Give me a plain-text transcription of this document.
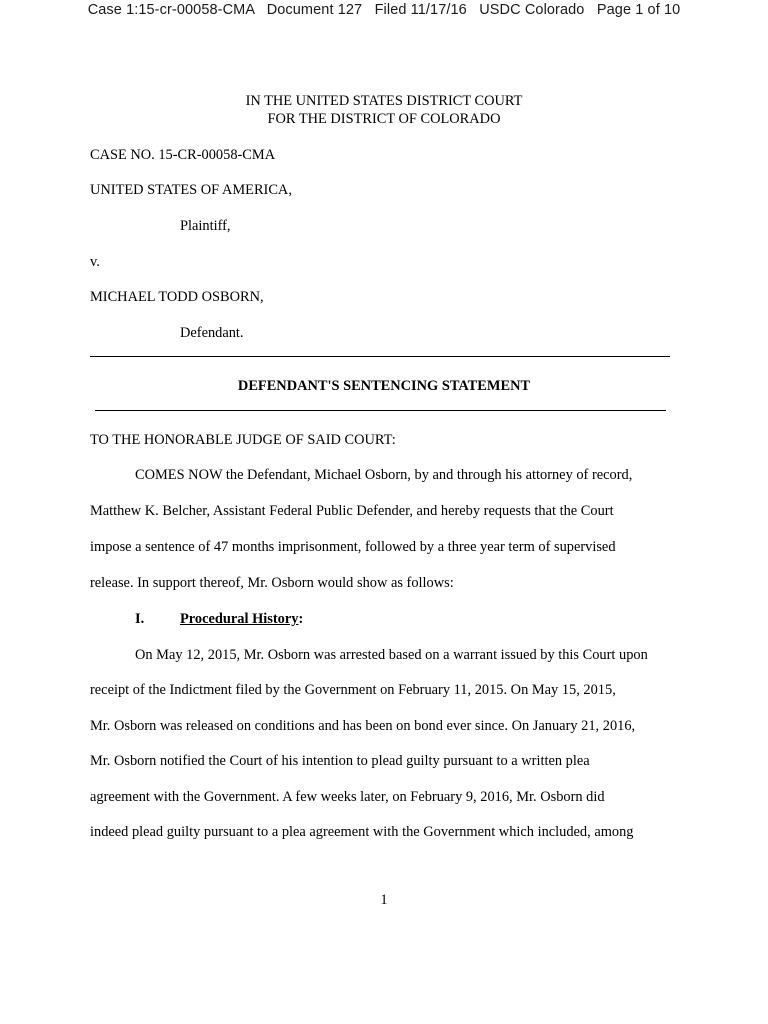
Case 1:15-cr-00058-CMA Document 127 Filed 11/17/16 USDC Colorado Page 1 of 10
IN THE UNITED STATES DISTRICT COURT
FOR THE DISTRICT OF COLORADO
CASE NO. 15-CR-00058-CMA
UNITED STATES OF AMERICA,
Plaintiff,
v.
MICHAEL TODD OSBORN,
Defendant.
DEFENDANT'S SENTENCING STATEMENT
TO THE HONORABLE JUDGE OF SAID COURT:
COMES NOW the Defendant, Michael Osborn, by and through his attorney of record,
Matthew K. Belcher, Assistant Federal Public Defender, and hereby requests that the Court
impose a sentence of 47 months imprisonment, followed by a three year term of supervised
release. In support thereof, Mr. Osborn would show as follows:
I. Procedural History:
On May 12, 2015, Mr. Osborn was arrested based on a warrant issued by this Court upon
receipt of the Indictment filed by the Government on February 11, 2015. On May 15, 2015,
Mr. Osborn was released on conditions and has been on bond ever since. On January 21, 2016,
Mr. Osborn notified the Court of his intention to plead guilty pursuant to a written plea
agreement with the Government. A few weeks later, on February 9, 2016, Mr. Osborn did
indeed plead guilty pursuant to a plea agreement with the Government which included, among
1
